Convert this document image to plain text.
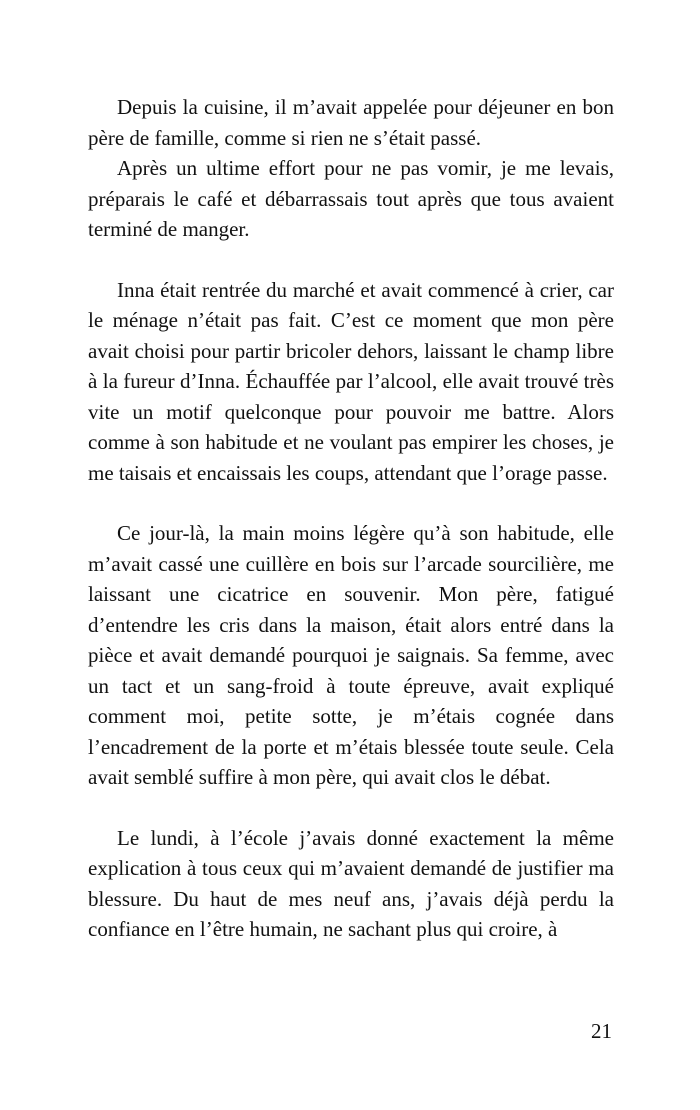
Depuis la cuisine, il m’avait appelée pour déjeuner en bon père de famille, comme si rien ne s’était passé.

Après un ultime effort pour ne pas vomir, je me levais, préparais le café et débarrassais tout après que tous avaient terminé de manger.

Inna était rentrée du marché et avait commencé à crier, car le ménage n’était pas fait. C’est ce moment que mon père avait choisi pour partir bricoler dehors, laissant le champ libre à la fureur d’Inna. Échauffée par l’alcool, elle avait trouvé très vite un motif quelconque pour pouvoir me battre. Alors comme à son habitude et ne voulant pas empirer les choses, je me taisais et encaissais les coups, attendant que l’orage passe.

Ce jour-là, la main moins légère qu’à son habitude, elle m’avait cassé une cuillère en bois sur l’arcade sourcilière, me laissant une cicatrice en souvenir. Mon père, fatigué d’entendre les cris dans la maison, était alors entré dans la pièce et avait demandé pourquoi je saignais. Sa femme, avec un tact et un sang-froid à toute épreuve, avait expliqué comment moi, petite sotte, je m’étais cognée dans l’encadrement de la porte et m’étais blessée toute seule. Cela avait semblé suffire à mon père, qui avait clos le débat.

Le lundi, à l’école j’avais donné exactement la même explication à tous ceux qui m’avaient demandé de justifier ma blessure. Du haut de mes neuf ans, j’avais déjà perdu la confiance en l’être humain, ne sachant plus qui croire, à

21
